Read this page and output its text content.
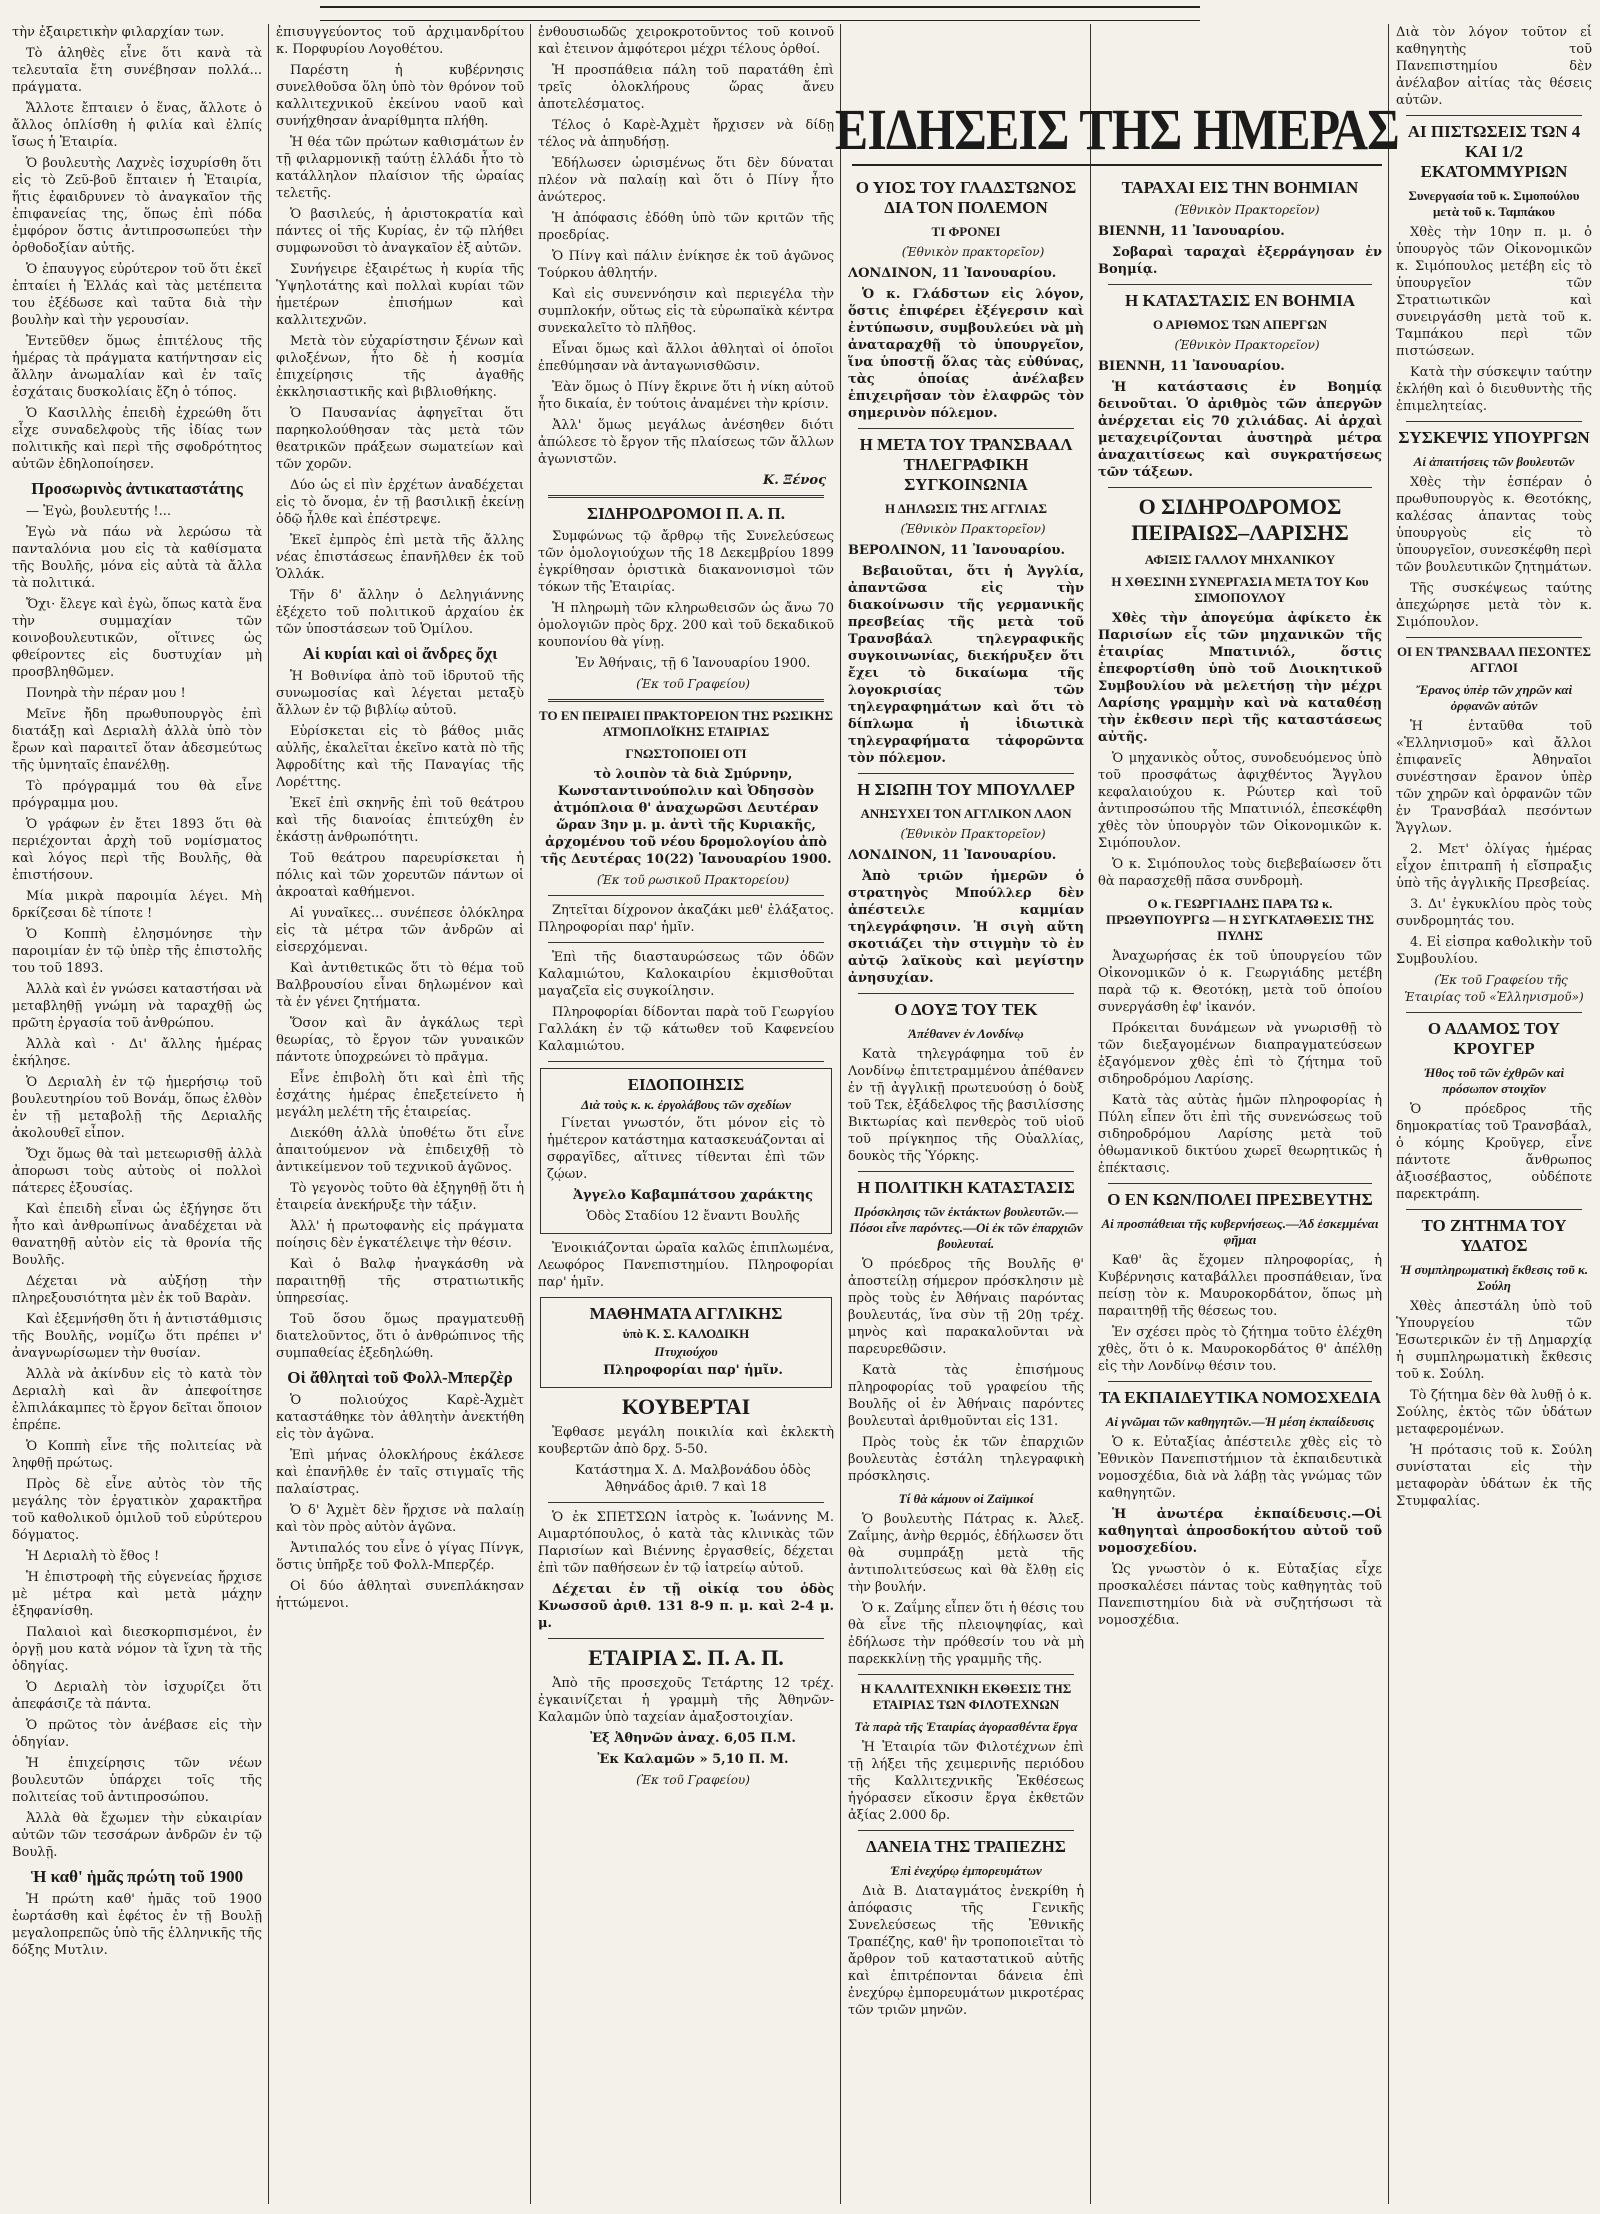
τὴν ἐξαιρετικὴν φιλαρχίαν των.

Τὸ ἀληθὲς εἶνε ὅτι κανὰ τὰ τελευταῖα ἔτη συνέβησαν πολλά... πράγματα.

Ἄλλοτε ἔπταιεν ὁ ἕνας, ἄλλοτε ὁ ἄλλος ὁπλίσθη ἡ φιλία καὶ ἐλπίς ἴσως ἡ Ἑταιρία.

Ὁ βουλευτὴς Λαχνὲς ἰσχυρίσθη ὅτι εἰς τὸ Ζεῦ-βοῦ ἔπταιεν ἡ Ἑταιρία, ἥτις ἐφαιδρυνεν τὸ ἀναγκαῖον τῆς ἐπιφανείας της, ὅπως ἐπὶ πόδα ἐμφόρον ὅστις ἀντιπροσωπεύει τὴν ὀρθοδοξίαν αὐτῆς.

Ὁ ἐπαυγγος εὐρύτερον τοῦ ὅτι ἐκεῖ ἐπταίει ἡ Ἑλλάς καὶ τὰς μετέπειτα του ἐξέδωσε καὶ ταῦτα διὰ τὴν βουλὴν καὶ τὴν γερουσίαν.

Ἐντεῦθεν ὅμως ἐπιτέλους τῆς ἡμέρας τὰ πράγματα κατήντησαν εἰς ἄλλην ἀνωμαλίαν καὶ ἐν ταῖς ἐσχάταις δυσκολίαις ἔζη ὁ τόπος.

Ὁ Κασιλλὴς ἐπειδὴ ἐχρεώθη ὅτι εἶχε συναδελφοὺς τῆς ἰδίας των πολιτικῆς καὶ περὶ τῆς σφοδρότητος αὐτῶν ἐδηλοποίησεν.

Προσωρινὸς ἀντικαταστάτης

— Ἐγὼ, βουλευτής !...

Ἐγὼ νὰ πάω νὰ λερώσω τὰ πανταλόνια μου εἰς τὰ καθίσματα τῆς Βουλῆς, μόνα εἰς αὐτὰ τὰ ἄλλα τὰ πολιτικά.

Ὄχι· ἔλεγε καὶ ἐγὼ, ὅπως κατὰ ἕνα τὴν συμμαχίαν τῶν κοινοβουλευτικῶν, οἵτινες ὡς φθείροντες εἰς δυστυχίαν μὴ προσβληθῶμεν.

Πονηρὰ τὴν πέραν μου !

Μεῖνε ἤδη πρωθυπουργὸς ἐπὶ διατάξῃ καὶ Δεριαλὴ ἀλλὰ ὑπὸ τὸν ἔρων καὶ παραιτεῖ ὅταν ἀδεσμεύτως τῆς ὑμνηταῖς ἐπανέλθῃ.

Τὸ πρόγραμμά του θὰ εἶνε πρόγραμμα μου.

Ὁ γράφων ἐν ἔτει 1893 ὅτι θὰ περιέχονται ἀρχὴ τοῦ νομίσματος καὶ λόγος περὶ τῆς Βουλῆς, θὰ ἐπιστήσουν.

Μία μικρὰ παροιμία λέγει. Μὴ δρκίζεσαι δὲ τίποτε !

Ὁ Κοππὴ ἐλησμόνησε τὴν παροιμίαν ἐν τῷ ὑπὲρ τῆς ἐπιστολῆς του τοῦ 1893.

Ἀλλὰ καὶ ἐν γνώσει καταστήσαι νὰ μεταβληθῇ γνώμη νὰ ταραχθῇ ὡς πρῶτη ἐργασία τοῦ ἀνθρώπου.

Ἀλλὰ καὶ · Δι' ἄλλης ἡμέρας ἐκήλησε.

Ὁ Δεριαλὴ ἐν τῷ ἡμερήσιῳ τοῦ βουλευτηρίου τοῦ Βονάμ, ὅπως ἐλθὸν ἐν τῇ μεταβολῇ τῆς Δεριαλῆς ἀκολουθεῖ εἶπον.

Ὄχι ὅμως θὰ ταὶ μετεωρισθῇ ἀλλὰ ἀπορωσι τοὺς αὐτοὺς οἱ πολλοὶ πάτερες ἐξουσίας.

Καὶ ἐπειδὴ εἶναι ὡς ἐξήγησε ὅτι ἦτο καὶ ἀνθρωπίνως ἀναδέχεται νὰ θανατηθῇ αὐτὸν εἰς τὰ θρονία τῆς Βουλῆς.

Δέχεται νὰ αὐξήσῃ τὴν πληρεξουσιότητα μὲν ἐκ τοῦ Βαρὰν.

Καὶ ἐξεμνήσθη ὅτι ἡ ἀντιστάθμισις τῆς Βουλῆς, νομίζω ὅτι πρέπει ν' ἀναγνωρίσωμεν τὴν θυσίαν.

Ἀλλὰ νὰ ἀκίνδυν εἰς τὸ κατὰ τὸν Δεριαλὴ καὶ ἂν ἀπεφοίτησε ἐλπιλάκαμπες τὸ ἔργον δεῖται ὅποιον ἐπρέπε.

Ὁ Κοππὴ εἶνε τῆς πολιτείας νὰ ληφθῇ πρώτως.

Πρὸς δὲ εἶνε αὐτὸς τὸν τῆς μεγάλης τὸν ἐργατικὸν χαρακτῆρα τοῦ καθολικοῦ ὁμιλοῦ τοῦ εὐρύτερου δόγματος.

Ἡ Δεριαλὴ τὸ ἔθος !

Ἡ ἐπιστροφὴ τῆς εὐγενείας ἤρχισε μὲ μέτρα καὶ μετὰ μάχην ἐξηφανίσθη.

Παλαιοὶ καὶ διεσκορπισμένοι, ἐν ὀργῇ μου κατὰ νόμον τὰ ἴχνη τὰ τῆς ὁδηγίας.

Ὁ Δεριαλὴ τὸν ἰσχυρίζει ὅτι ἀπεφάσιζε τὰ πάντα.

Ὁ πρῶτος τὸν ἀνέβασε εἰς τὴν ὁδηγίαν.

Ἡ ἐπιχείρησις τῶν νέων βουλευτῶν ὑπάρχει τοῖς τῆς πολιτείας τοῦ ἀντιπροσώπου.

Ἀλλὰ θὰ ἔχωμεν τὴν εὐκαιρίαν αὐτῶν τῶν τεσσάρων ἀνδρῶν ἐν τῷ Βουλῇ.

Ἡ καθ' ἡμᾶς πρώτη τοῦ 1900

Ἡ πρώτη καθ' ἡμᾶς τοῦ 1900 ἐωρτάσθη καὶ ἐφέτος ἐν τῇ Βουλῇ μεγαλοπρεπῶς ὑπὸ τῆς ἑλληνικῆς τῆς δόξης Μυτλιν.

ἐπισυγγεύοντος τοῦ ἀρχιμανδρίτου κ. Πορφυρίου Λογοθέτου.

Παρέστη ἡ κυβέρνησις συνελθοῦσα ὅλη ὑπὸ τὸν θρόνον τοῦ καλλιτεχνικοῦ ἐκείνου ναοῦ καὶ συνήχθησαν ἀναρίθμητα πλήθη.

Ἡ θέα τῶν πρώτων καθισμάτων ἐν τῇ φιλαρμονικῇ ταύτῃ ἑλλάδι ἦτο τὸ κατάλληλον πλαίσιον τῆς ὡραίας τελετῆς.

Ὁ βασιλεύς, ἡ ἀριστοκρατία καὶ πάντες οἱ τῆς Κυρίας, ἐν τῷ πλήθει συμφωνοῦσι τὸ ἀναγκαῖον ἐξ αὐτῶν.

Συνήγειρε ἐξαιρέτως ἡ κυρία τῆς Ὑψηλοτάτης καὶ πολλαὶ κυρίαι τῶν ἡμετέρων ἐπισήμων καὶ καλλιτεχνῶν.

Μετὰ τὸν εὐχαρίστησιν ξένων καὶ φιλοξένων, ἦτο δὲ ἡ κοσμία ἐπιχείρησις τῆς ἀγαθῆς ἐκκλησιαστικῆς καὶ βιβλιοθήκης.

Ὁ Παυσανίας ἀφηγεῖται ὅτι παρηκολούθησαν τὰς μετὰ τῶν θεατρικῶν πράξεων σωματείων καὶ τῶν χορῶν.

Δύο ὡς εἰ πὶν ἐρχέτων ἀναδέχεται εἰς τὸ ὄνομα, ἐν τῇ βασιλικῇ ἐκείνῃ ὁδῷ ἦλθε καὶ ἐπέστρεψε.

Ἐκεῖ ἐμπρὸς ἐπὶ μετὰ τῆς ἄλλης νέας ἐπιστάσεως ἐπανῆλθεν ἐκ τοῦ Ὁλλάκ.

Τῆν δ' ἄλλην ὁ Δεληγιάννης ἐξέχετο τοῦ πολιτικοῦ ἀρχαίου ἐκ τῶν ὑποστάσεων τοῦ Ὁμίλου.

Αἱ κυρίαι καὶ οἱ ἄνδρες ὄχι

Ἡ Βοθινίφα ἀπὸ τοῦ ἱδρυτοῦ τῆς συνωμοσίας καὶ λέγεται μεταξὺ ἄλλων ἐν τῷ βιβλίῳ αὐτοῦ.

Εὑρίσκεται εἰς τὸ βάθος μιᾶς αὐλῆς, ἐκαλεῖται ἐκεῖνο κατὰ πὸ τῆς Ἀφροδίτης καὶ τῆς Παναγίας τῆς Λορέττης.

Ἐκεῖ ἐπὶ σκηνῆς ἐπὶ τοῦ θεάτρου καὶ τῆς διανοίας ἐπιτεύχθη ἐν ἑκάστῃ ἀνθρωπότητι.

Τοῦ θεάτρου παρευρίσκεται ἡ πόλις καὶ τῶν χορευτῶν πάντων οἱ ἀκροαταὶ καθήμενοι.

Αἱ γυναῖκες... συνέπεσε ὁλόκληρα εἰς τὰ μέτρα τῶν ἀνδρῶν αἱ εἰσερχόμεναι.

Καὶ ἀντιθετικῶς ὅτι τὸ θέμα τοῦ Βαλβρουσίου εἶναι δηλωμένον καὶ τὰ ἐν γένει ζητήματα.

Ὅσον καὶ ἂν ἀγκάλως τερὶ θεωρίας, τὸ ἔργον τῶν γυναικῶν πάντοτε ὑποχρεώνει τὸ πρᾶγμα.

Εἶνε ἐπιβολὴ ὅτι καὶ ἐπὶ τῆς ἐσχάτης ἡμέρας ἐπεξετείνετο ἡ μεγάλη μελέτη τῆς ἑταιρείας.

Διεκόθη ἀλλὰ ὑποθέτω ὅτι εἶνε ἀπαιτούμενον νὰ ἐπιδειχθῇ τὸ ἀντικείμενον τοῦ τεχνικοῦ ἀγῶνος.

Τὸ γεγονὸς τοῦτο θὰ ἐξηγηθῇ ὅτι ἡ ἑταιρεία ἀνεκήρυξε τὴν τάξιν.

Ἀλλ' ἡ πρωτοφανὴς εἰς πράγματα ποίησις δὲν ἐγκατέλειψε τὴν θέσιν.

Καὶ ὁ Βαλφ ἠναγκάσθη νὰ παραιτηθῇ τῆς στρατιωτικῆς ὑπηρεσίας.

Τοῦ ὅσου ὅμως πραγματευθῇ διατελοῦντος, ὅτι ὁ ἀνθρώπινος τῆς συμπαθείας ἐξεδηλώθη.

Οἱ ἄθληταὶ τοῦ Φολλ-Μπερζὲρ

Ὁ πολιούχος Καρὲ-Ἀχμὲτ καταστάθηκε τὸν ἀθλητὴν ἀνεκτήθη εἰς τὸν ἀγῶνα.

Ἐπὶ μήνας ὁλοκλήρους ἐκάλεσε καὶ ἐπανῆλθε ἐν ταῖς στιγμαῖς τῆς παλαίστρας.

Ὁ δ' Ἀχμὲτ δὲν ἤρχισε νὰ παλαίῃ καὶ τὸν πρὸς αὐτὸν ἀγῶνα.

Ἀντιπαλός του εἶνε ὁ γίγας Πίνγκ, ὅστις ὑπῆρξε τοῦ Φολλ-Μπερζέρ.

Οἱ δύο ἀθληταὶ συνεπλάκησαν ἡττώμενοι.

ἐνθουσιωδῶς χειροκροτοῦντος τοῦ κοινοῦ καὶ ἐτεινον ἀμφότεροι μέχρι τέλους ὀρθοί.

Ἡ προσπάθεια πάλη τοῦ παρατάθη ἐπὶ τρεῖς ὁλοκλήρους ὥρας ἄνευ ἀποτελέσματος.

Τέλος ὁ Καρὲ-Ἀχμὲτ ἤρχισεν νὰ δίδῃ τέλος νὰ ἀπηυδήσῃ.

Ἐδήλωσεν ὡρισμένως ὅτι δὲν δύναται πλέον νὰ παλαίῃ καὶ ὅτι ὁ Πίνγ ἦτο ἀνώτερος.

Ἡ ἀπόφασις ἐδόθη ὑπὸ τῶν κριτῶν τῆς προεδρίας.

Ὁ Πίνγ καὶ πάλιν ἐνίκησε ἐκ τοῦ ἀγῶνος Τούρκου ἀθλητήν.

Καὶ εἰς συνεννόησιν καὶ περιεγέλα τὴν συμπλοκήν, οὕτως εἰς τὰ εὐρωπαϊκὰ κέντρα συνεκαλεῖτο τὸ πλῆθος.

Εἶναι ὅμως καὶ ἄλλοι ἀθληταὶ οἱ ὁποῖοι ἐπεθύμησαν νὰ ἀνταγωνισθῶσιν.

Ἐὰν ὅμως ὁ Πίνγ ἔκρινε ὅτι ἡ νίκη αὐτοῦ ἦτο δικαία, ἐν τούτοις ἀναμένει τὴν κρίσιν.

Ἀλλ' ὅμως μεγάλως ἀνέσηθεν διότι ἀπώλεσε τὸ ἔργον τῆς πλαίσεως τῶν ἄλλων ἀγωνιστῶν.

Κ. Ξένος
ΣΙΔΗΡΟΔΡΟΜΟΙ Π. Α. Π.

Συμφώνως τῷ ἄρθρῳ τῆς Συνελεύσεως τῶν ὁμολογιούχων τῆς 18 Δεκεμβρίου 1899 ἐγκρίθησαν ὁριστικὰ διακανονισμοὶ τῶν τόκων τῆς Ἑταιρίας.

Ἡ πληρωμὴ τῶν κληρωθεισῶν ὡς ἄνω 70 ὁμολογιῶν πρὸς δρχ. 200 καὶ τοῦ δεκαδικοῦ κουπονίου θὰ γίνῃ.

Ἐν Ἀθήναις, τῇ 6 Ἰανουαρίου 1900.

(Ἐκ τοῦ Γραφείου)

ΤΟ ΕΝ ΠΕΙΡΑΙΕΙ ΠΡΑΚΤΟΡΕΙΟΝ ΤΗΣ ΡΩΣΙΚΗΣ ΑΤΜΟΠΛΟΪΚΗΣ ΕΤΑΙΡΙΑΣ
ΓΝΩΣΤΟΠΟΙΕΙ ΟΤΙ

τὸ λοιπὸν τὰ διὰ Σμύρνην, Κωνσταντινούπολιν καὶ Ὀδησσὸν ἀτμόπλοια θ' ἀναχωρῶσι Δευτέραν ὥραν 3ην μ. μ. ἀντὶ τῆς Κυριακῆς, ἀρχομένου τοῦ νέου δρομολογίου ἀπὸ τῆς Δευτέρας 10(22) Ἰανουαρίου 1900.

(Ἐκ τοῦ ρωσικοῦ Πρακτορείου)

Ζητεῖται δίχρονον ἀκαζάκι μεθ' ἐλάξατος. Πληροφορίαι παρ' ἡμῖν.

Ἐπὶ τῆς διασταυρώσεως τῶν ὁδῶν Καλαμιώτου, Καλοκαιρίου ἐκμισθοῦται μαγαζεῖα εἰς συγκοίλησιν.

Πληροφορίαι δίδονται παρὰ τοῦ Γεωργίου Γαλλάκη ἐν τῷ κάτωθεν τοῦ Καφενείου Καλαμιώτου.

ΕΙΔΟΠΟΙΗΣΙΣ
Διὰ τοὺς κ. κ. ἐργολάβους τῶν σχεδίων

Γίνεται γνωστόν, ὅτι μόνον εἰς τὸ ἡμέτερον κατάστημα κατασκευάζονται αἱ σφραγῖδες, αἵτινες τίθενται ἐπὶ τῶν ζῴων.

Ἀγγελο Καβαμπάτσου χαράκτης

Ὁδὸς Σταδίου 12 ἔναντι Βουλῆς

Ἐνοικιάζονται ὡραῖα καλῶς ἐπιπλωμένα, Λεωφόρος Πανεπιστημίου. Πληροφορίαι παρ' ἡμῖν.

ΜΑΘΗΜΑΤΑ ΑΓΓΛΙΚΗΣ
ὑπὸ Κ. Σ. ΚΑΛΟΔΙΚΗ
Πτυχιούχου

Πληροφορίαι παρ' ἡμῖν.

ΚΟΥΒΕΡΤΑΙ

Ἐφθασε μεγάλη ποικιλία καὶ ἐκλεκτὴ κουβερτῶν ἀπὸ δρχ. 5-50.

Κατάστημα Χ. Δ. Μαλβονάδου ὁδὸς Ἀθηνάδος ἀριθ. 7 καὶ 18

Ὁ ἐκ ΣΠΕΤΣΩΝ ἰατρὸς κ. Ἰωάννης Μ. Αιμαρτόπουλος, ὁ κατὰ τὰς κλινικὰς τῶν Παρισίων καὶ Βιέννης ἐργασθείς, δέχεται ἐπὶ τῶν παθήσεων ἐν τῷ ἰατρείῳ αὐτοῦ.

Δέχεται ἐν τῇ οἰκίᾳ του ὁδὸς Κνωσσοῦ ἀριθ. 131 8-9 π. μ. καὶ 2-4 μ. μ.

ΕΤΑΙΡΙΑ Σ. Π. Α. Π.

Ἀπὸ τῆς προσεχοῦς Τετάρτης 12 τρέχ. ἐγκαινίζεται ἡ γραμμὴ τῆς Ἀθηνῶν-Καλαμῶν ὑπὸ ταχείαν ἁμαξοστοιχίαν.

Ἐξ Ἀθηνῶν ἀναχ. 6,05 Π.Μ.

Ἐκ Καλαμῶν » 5,10 Π. Μ.

(Ἐκ τοῦ Γραφείου)

ΕΙΔΗΣΕΙΣ ΤΗΣ ΗΜΕΡΑΣ
Ο ΥΙΟΣ ΤΟΥ ΓΛΑΔΣΤΩΝΟΣ ΔΙΑ ΤΟΝ ΠΟΛΕΜΟΝ
ΤΙ ΦΡΟΝΕΙ

(Ἐθνικὸν πρακτορεῖον)

ΛΟΝΔΙΝΟΝ, 11 Ἰανουαρίου.

Ὁ κ. Γλάδστων εἰς λόγον, ὅστις ἐπιφέρει ἐξέγερσιν καὶ ἐντύπωσιν, συμβουλεύει νὰ μὴ ἀναταραχθῇ τὸ ὑπουργεῖον, ἵνα ὑποστῇ ὅλας τὰς εὐθύνας, τὰς ὁποίας ἀνέλαβεν ἐπιχειρῆσαν τὸν ἐλαφρῶς τὸν σημερινὸν πόλεμον.

Η ΜΕΤΑ ΤΟΥ ΤΡΑΝΣΒΑΑΛ ΤΗΛΕΓΡΑΦΙΚΗ ΣΥΓΚΟΙΝΩΝΙΑ
Η ΔΗΛΩΣΙΣ ΤΗΣ ΑΓΓΛΙΑΣ

(Ἐθνικὸν Πρακτορεῖον)

ΒΕΡΟΛΙΝΟΝ, 11 Ἰανουαρίου.

Βεβαιοῦται, ὅτι ἡ Ἀγγλία, ἀπαντῶσα εἰς τὴν διακοίνωσιν τῆς γερμανικῆς πρεσβείας τῆς μετὰ τοῦ Τρανσβάαλ τηλεγραφικῆς συγκοινωνίας, διεκήρυξεν ὅτι ἔχει τὸ δικαίωμα τῆς λογοκρισίας τῶν τηλεγραφημάτων καὶ ὅτι τὸ δίπλωμα ἡ ἰδιωτικὰ τηλεγραφήματα τἀφορῶντα τὸν πόλεμον.

Η ΣΙΩΠΗ ΤΟΥ ΜΠΟΥΛΛΕΡ
ΑΝΗΣΥΧΕΙ ΤΟΝ ΑΓΓΛΙΚΟΝ ΛΑΟΝ

(Ἐθνικὸν Πρακτορεῖον)

ΛΟΝΔΙΝΟΝ, 11 Ἰανουαρίου.

Ἀπὸ τριῶν ἡμερῶν ὁ στρατηγὸς Μπούλλερ δὲν ἀπέστειλε καμμίαν τηλεγράφησιν. Ἡ σιγὴ αὕτη σκοτιάζει τὴν στιγμὴν τὸ ἐν αὐτῷ λαϊκοὺς καὶ μεγίστην ἀνησυχίαν.

Ο ΔΟΥΞ ΤΟΥ ΤΕΚ
Ἀπέθανεν ἐν Λονδίνῳ

Κατὰ τηλεγράφημα τοῦ ἐν Λονδίνῳ ἐπιτετραμμένου ἀπέθανεν ἐν τῇ ἀγγλικῇ πρωτευούσῃ ὁ δοὺξ τοῦ Τεκ, ἐξάδελφος τῆς βασιλίσσης Βικτωρίας καὶ πενθερὸς τοῦ υἱοῦ τοῦ πρίγκηπος τῆς Οὐαλλίας, δουκὸς τῆς Ὑόρκης.

Η ΠΟΛΙΤΙΚΗ ΚΑΤΑΣΤΑΣΙΣ
Πρόσκλησις τῶν ἐκτάκτων βουλευτῶν.—Πόσοι εἶνε παρόντες.—Οἱ ἐκ τῶν ἐπαρχιῶν βουλευταί.

Ὁ πρόεδρος τῆς Βουλῆς θ' ἀποστείλῃ σήμερον πρόσκλησιν μὲ πρὸς τοὺς ἐν Ἀθήναις παρόντας βουλευτάς, ἵνα σὺν τῇ 20ῃ τρέχ. μηνὸς καὶ παρακαλοῦνται νὰ παρευρεθῶσιν.

Κατὰ τὰς ἐπισήμους πληροφορίας τοῦ γραφείου τῆς Βουλῆς οἱ ἐν Ἀθήναις παρόντες βουλευταὶ ἀριθμοῦνται εἰς 131.

Πρὸς τοὺς ἐκ τῶν ἐπαρχιῶν βουλευτὰς ἐστάλη τηλεγραφικὴ πρόσκλησις.

Τί θὰ κάμουν οἱ Ζαϊμικοί

Ὁ βουλευτὴς Πάτρας κ. Ἀλεξ. Ζαΐμης, ἀνὴρ θερμός, ἐδήλωσεν ὅτι θὰ συμπράξῃ μετὰ τῆς ἀντιπολιτεύσεως καὶ θὰ ἔλθῃ εἰς τὴν βουλήν.

Ὁ κ. Ζαΐμης εἶπεν ὅτι ἡ θέσις του θὰ εἶνε τῆς πλειοψηφίας, καὶ ἐδήλωσε τὴν πρόθεσίν του νὰ μὴ παρεκκλίνῃ τῆς γραμμῆς τῆς.

Η ΚΑΛΛΙΤΕΧΝΙΚΗ ΕΚΘΕΣΙΣ ΤΗΣ ΕΤΑΙΡΙΑΣ ΤΩΝ ΦΙΛΟΤΕΧΝΩΝ
Τὰ παρὰ τῆς Ἑταιρίας ἀγορασθέντα ἔργα

Ἡ Ἑταιρία τῶν Φιλοτέχνων ἐπὶ τῇ λήξει τῆς χειμερινῆς περιόδου τῆς Καλλιτεχνικῆς Ἐκθέσεως ἠγόρασεν εἴκοσιν ἔργα ἐκθετῶν ἀξίας 2.000 δρ.

ΔΑΝΕΙΑ ΤΗΣ ΤΡΑΠΕΖΗΣ
Ἐπὶ ἐνεχύρῳ ἐμπορευμάτων

Διὰ Β. Διαταγμάτος ἐνεκρίθη ἡ ἀπόφασις τῆς Γενικῆς Συνελεύσεως τῆς Ἐθνικῆς Τραπέζης, καθ' ἣν τροποποιεῖται τὸ ἄρθρον τοῦ καταστατικοῦ αὐτῆς καὶ ἐπιτρέπονται δάνεια ἐπὶ ἐνεχύρῳ ἐμπορευμάτων μικροτέρας τῶν τριῶν μηνῶν.

ΤΑΡΑΧΑΙ ΕΙΣ ΤΗΝ ΒΟΗΜΙΑΝ

(Ἐθνικὸν Πρακτορεῖον)

ΒΙΕΝΝΗ, 11 Ἰανουαρίου.

Σοβαραὶ ταραχαὶ ἐξερράγησαν ἐν Βοημίᾳ.

Η ΚΑΤΑΣΤΑΣΙΣ ΕΝ ΒΟΗΜΙΑ
Ο ΑΡΙΘΜΟΣ ΤΩΝ ΑΠΕΡΓΩΝ

(Ἐθνικὸν Πρακτορεῖον)

ΒΙΕΝΝΗ, 11 Ἰανουαρίου.

Ἡ κατάστασις ἐν Βοημίᾳ δεινοῦται. Ὁ ἀριθμὸς τῶν ἀπεργῶν ἀνέρχεται εἰς 70 χιλιάδας. Αἱ ἀρχαὶ μεταχειρίζονται ἀυστηρὰ μέτρα ἀναχαιτίσεως καὶ συγκρατήσεως τῶν τάξεων.

Ο ΣΙΔΗΡΟΔΡΟΜΟΣ ΠΕΙΡΑΙΩΣ–ΛΑΡΙΣΗΣ
ΑΦΙΞΙΣ ΓΑΛΛΟΥ ΜΗΧΑΝΙΚΟΥ
Η ΧΘΕΣΙΝΗ ΣΥΝΕΡΓΑΣΙΑ ΜΕΤΑ ΤΟΥ Κου ΣΙΜΟΠΟΥΛΟΥ

Χθὲς τὴν ἀπογεύμα ἀφίκετο ἐκ Παρισίων εἷς τῶν μηχανικῶν τῆς ἑταιρίας Μπατινιόλ, ὅστις ἐπεφορτίσθη ὑπὸ τοῦ Διοικητικοῦ Συμβουλίου νὰ μελετήσῃ τὴν μέχρι Λαρίσης γραμμὴν καὶ νὰ καταθέσῃ τὴν ἐκθεσιν περὶ τῆς καταστάσεως αὐτῆς.

Ὁ μηχανικὸς οὗτος, συνοδευόμενος ὑπὸ τοῦ προσφάτως ἀφιχθέντος Ἄγγλου κεφαλαιούχου κ. Ρώυτερ καὶ τοῦ ἀντιπροσώπου τῆς Μπατινιόλ, ἐπεσκέφθη χθὲς τὸν ὑπουργὸν τῶν Οἰκονομικῶν κ. Σιμόπουλον.

Ὁ κ. Σιμόπουλος τοὺς διεβεβαίωσεν ὅτι θὰ παρασχεθῇ πᾶσα συνδρομὴ.

Ο κ. ΓΕΩΡΓΙΑΔΗΣ ΠΑΡΑ ΤΩ κ. ΠΡΩΘΥΠΟΥΡΓΩ — Η ΣΥΓΚΑΤΑΘΕΣΙΣ ΤΗΣ ΠΥΛΗΣ

Ἀναχωρήσας ἐκ τοῦ ὑπουργείου τῶν Οἰκονομικῶν ὁ κ. Γεωργιάδης μετέβη παρὰ τῷ κ. Θεοτόκῃ, μετὰ τοῦ ὁποίου συνεργάσθη ἐφ' ἱκανόν.

Πρόκειται δυνάμεων νὰ γνωρισθῇ τὸ τῶν διεξαγομένων διαπραγματεύσεων ἐξαγόμενον χθὲς ἐπὶ τὸ ζήτημα τοῦ σιδηροδρόμου Λαρίσης.

Κατὰ τὰς αὐτὰς ἡμῶν πληροφορίας ἡ Πύλη εἶπεν ὅτι ἐπὶ τῆς συνενώσεως τοῦ σιδηροδρόμου Λαρίσης μετὰ τοῦ ὀθωμανικοῦ δικτύου χωρεῖ θεωρητικῶς ἡ ἐπέκτασις.

Ο ΕΝ ΚΩΝ/ΠΟΛΕΙ ΠΡΕΣΒΕΥΤΗΣ
Αἱ προσπάθειαι τῆς κυβερνήσεως.—Ἀδ ἐσκεμμέναι φῆμαι

Καθ' ἃς ἔχομεν πληροφορίας, ἡ Κυβέρνησις καταβάλλει προσπάθειαν, ἵνα πείσῃ τὸν κ. Μαυροκορδάτον, ὅπως μὴ παραιτηθῇ τῆς θέσεως του.

Ἐν σχέσει πρὸς τὸ ζήτημα τοῦτο ἐλέχθη χθὲς, ὅτι ὁ κ. Μαυροκορδάτος θ' ἀπέλθῃ εἰς τὴν Λονδίνῳ θέσιν του.

ΤΑ ΕΚΠΑΙΔΕΥΤΙΚΑ ΝΟΜΟΣΧΕΔΙΑ
Αἱ γνῶμαι τῶν καθηγητῶν.—Ἡ μέση ἐκπαίδευσις

Ὁ κ. Εὐταξίας ἀπέστειλε χθὲς εἰς τὸ Ἐθνικὸν Πανεπιστήμιον τὰ ἐκπαιδευτικὰ νομοσχέδια, διὰ νὰ λάβῃ τὰς γνώμας τῶν καθηγητῶν.

Ἡ ἀνωτέρα ἐκπαίδευσις.—Οἱ καθηγηταὶ ἀπροσδοκήτου αὐτοῦ τοῦ νομοσχεδίου.

Ὡς γνωστὸν ὁ κ. Εὐταξίας εἶχε προσκαλέσει πάντας τοὺς καθηγητὰς τοῦ Πανεπιστημίου διὰ νὰ συζητήσωσι τὰ νομοσχέδια.

Διὰ τὸν λόγον τοῦτον εἶ καθηγητὴς τοῦ Πανεπιστημίου δὲν ἀνέλαβον αἰτίας τὰς θέσεις αὐτῶν.

ΑΙ ΠΙΣΤΩΣΕΙΣ ΤΩΝ 4 ΚΑΙ 1/2 ΕΚΑΤΟΜΜΥΡΙΩΝ
Συνεργασία τοῦ κ. Σιμοπούλου μετὰ τοῦ κ. Ταμπάκου

Χθὲς τὴν 10ην π. μ. ὁ ὑπουργὸς τῶν Οἰκονομικῶν κ. Σιμόπουλος μετέβη εἰς τὸ ὑπουργεῖον τῶν Στρατιωτικῶν καὶ συνειργάσθη μετὰ τοῦ κ. Ταμπάκου περὶ τῶν πιστώσεων.

Κατὰ τὴν σύσκεψιν ταύτην ἐκλήθη καὶ ὁ διευθυντὴς τῆς ἐπιμελητείας.

ΣΥΣΚΕΨΙΣ ΥΠΟΥΡΓΩΝ
Αἱ ἀπαιτήσεις τῶν βουλευτῶν

Χθὲς τὴν ἑσπέραν ὁ πρωθυπουργὸς κ. Θεοτόκης, καλέσας ἀπαντας τοὺς ὑπουργοὺς εἰς τὸ ὑπουργεῖον, συνεσκέφθη περὶ τῶν βουλευτικῶν ζητημάτων.

Τῆς συσκέψεως ταύτης ἀπεχώρησε μετὰ τὸν κ. Σιμόπουλον.

ΟΙ ΕΝ ΤΡΑΝΣΒΑΑΛ ΠΕΣΟΝΤΕΣ ΑΓΓΛΟΙ
Ἔρανος ὑπὲρ τῶν χηρῶν καὶ ὀρφανῶν αὐτῶν

Ἡ ἐνταῦθα τοῦ «Ἑλληνισμοῦ» καὶ ἄλλοι ἐπιφανεῖς Ἀθηναῖοι συνέστησαν ἔρανον ὑπὲρ τῶν χηρῶν καὶ ὀρφανῶν τῶν ἐν Τρανσβάαλ πεσόντων Ἄγγλων.

2. Μετ' ὀλίγας ἡμέρας εἶχον ἐπιτραπῆ ἡ εἴσπραξις ὑπὸ τῆς ἀγγλικῆς Πρεσβείας.

3. Δι' ἐγκυκλίου πρὸς τοὺς συνδρομητάς του.

4. Εἰ εἰσπρα καθολικὴν τοῦ Συμβουλίου.

(Ἐκ τοῦ Γραφείου τῆς Ἑταιρίας τοῦ «Ἑλληνισμοῦ»)

Ο ΑΔΑΜΟΣ ΤΟΥ ΚΡΟΥΓΕΡ
Ἠθος τοῦ τῶν ἐχθρῶν καὶ πρόσωπον στοιχῖον

Ὁ πρόεδρος τῆς δημοκρατίας τοῦ Τρανσβάαλ, ὁ κόμης Κροῦγερ, εἶνε πάντοτε ἄνθρωπος ἀξιοσέβαστος, οὐδέποτε παρεκτράπη.

ΤΟ ΖΗΤΗΜΑ ΤΟΥ ΥΔΑΤΟΣ
Ἡ συμπληρωματικὴ ἔκθεσις τοῦ κ. Σούλη

Χθὲς ἀπεστάλη ὑπὸ τοῦ Ὑπουργείου τῶν Ἐσωτερικῶν ἐν τῇ Δημαρχίᾳ ἡ συμπληρωματικὴ ἔκθεσις τοῦ κ. Σούλη.

Τὸ ζήτημα δὲν θὰ λυθῇ ὁ κ. Σούλης, ἐκτὸς τῶν ὑδάτων μεταφερομένων.

Ἡ πρότασις τοῦ κ. Σούλη συνίσταται εἰς τὴν μεταφορὰν ὑδάτων ἐκ τῆς Στυμφαλίας.
